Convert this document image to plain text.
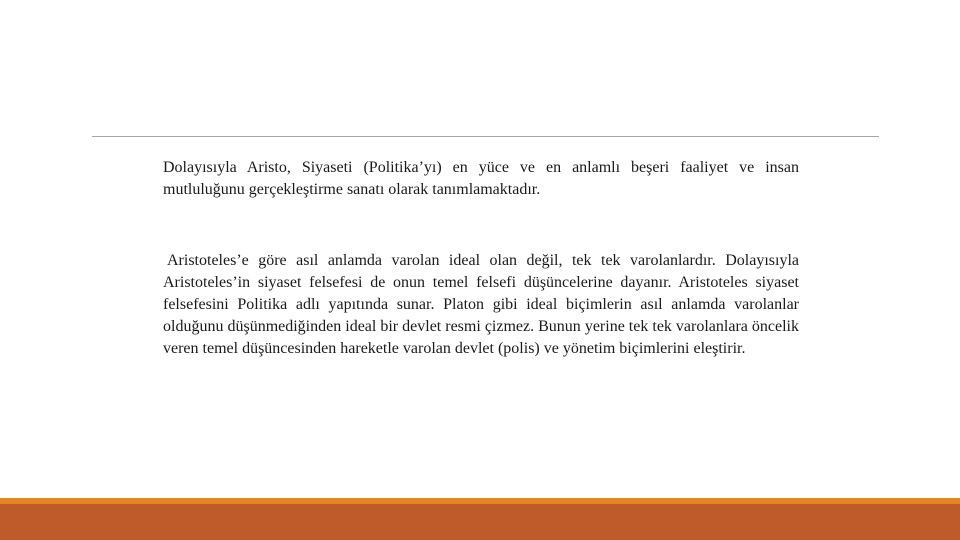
Dolayısıyla Aristo, Siyaseti (Politika’yı) en yüce ve en anlamlı beşeri faaliyet ve insan mutluluğunu gerçekleştirme sanatı olarak tanımlamaktadır.

Aristoteles’e göre asıl anlamda varolan ideal olan değil, tek tek varolanlardır. Dolayısıyla Aristoteles’in siyaset felsefesi de onun temel felsefi düşüncelerine dayanır. Aristoteles siyaset felsefesini Politika adlı yapıtında sunar. Platon gibi ideal biçimlerin asıl anlamda varolanlar olduğunu düşünmediğinden ideal bir devlet resmi çizmez. Bunun yerine tek tek varolanlara öncelik veren temel düşüncesinden hareketle varolan devlet (polis) ve yönetim biçimlerini eleştirir.
